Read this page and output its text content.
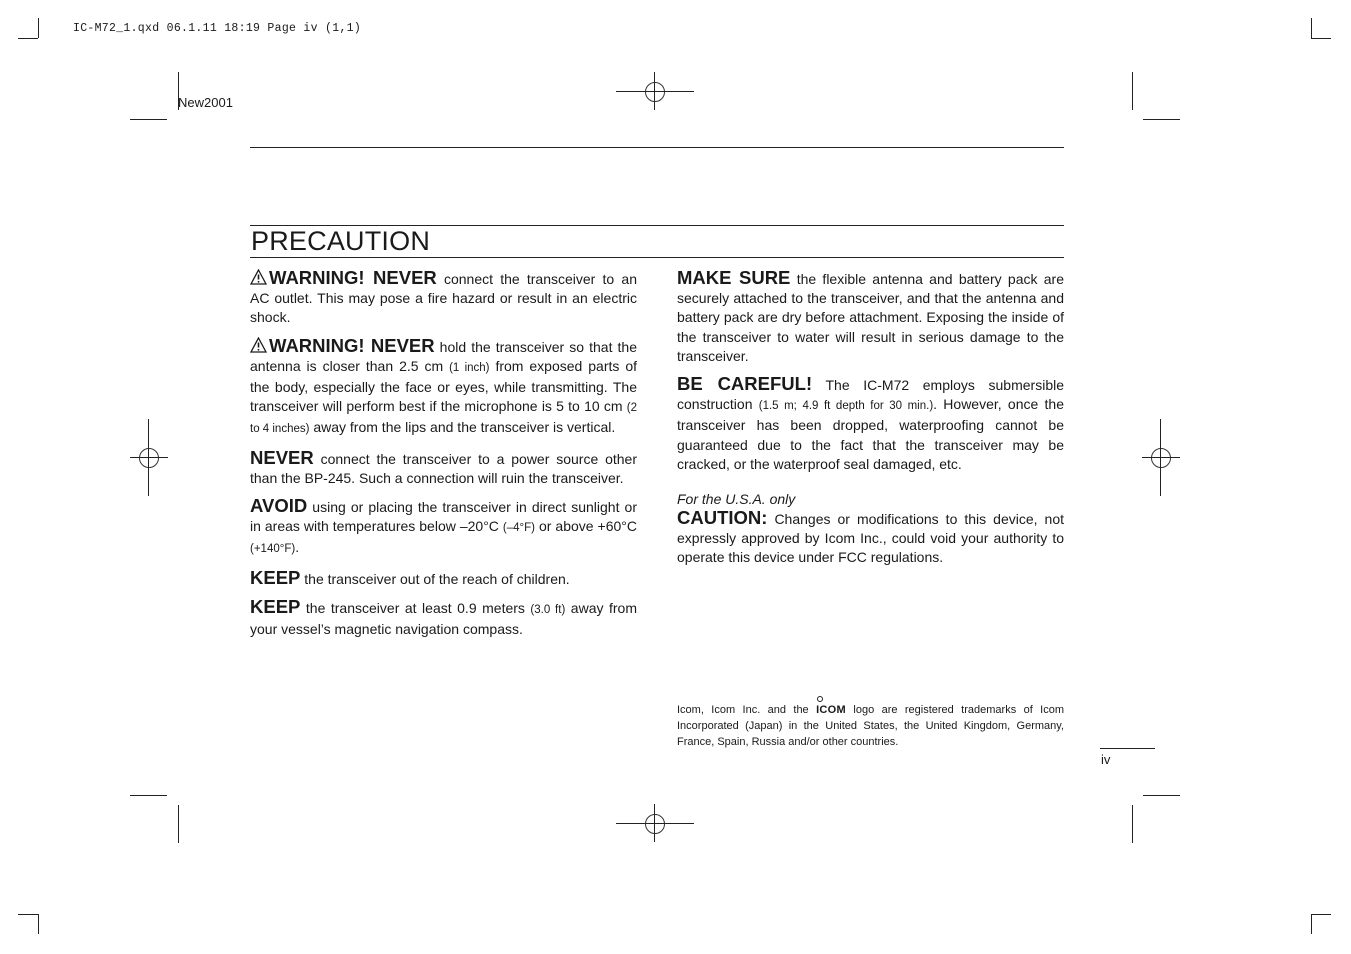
IC-M72_1.qxd 06.1.11 18:19 Page iv (1,1)
New2001
PRECAUTION

WARNING! NEVER connect the transceiver to an AC outlet. This may pose a fire hazard or result in an electric shock.

WARNING! NEVER hold the transceiver so that the antenna is closer than 2.5 cm (1 inch) from exposed parts of the body, especially the face or eyes, while transmitting. The transceiver will perform best if the microphone is 5 to 10 cm (2 to 4 inches) away from the lips and the transceiver is vertical.

NEVER connect the transceiver to a power source other than the BP-245. Such a connection will ruin the transceiver.

AVOID using or placing the transceiver in direct sunlight or in areas with temperatures below –20°C (–4°F) or above +60°C (+140°F).

KEEP the transceiver out of the reach of children.

KEEP the transceiver at least 0.9 meters (3.0 ft) away from your vessel’s magnetic navigation compass.

MAKE SURE the flexible antenna and battery pack are securely attached to the transceiver, and that the antenna and battery pack are dry before attachment. Exposing the inside of the transceiver to water will result in serious damage to the transceiver.

BE CAREFUL! The IC-M72 employs submersible construction (1.5 m; 4.9 ft depth for 30 min.). However, once the transceiver has been dropped, waterproofing cannot be guaranteed due to the fact that the transceiver may be cracked, or the waterproof seal damaged, etc.

For the U.S.A. only

CAUTION: Changes or modifications to this device, not expressly approved by Icom Inc., could void your authority to operate this device under FCC regulations.

Icom, Icom Inc. and the
ICOM logo are registered trademarks of Icom Incorporated (Japan) in the United States, the United Kingdom, Germany, France, Spain, Russia and/or other countries.
iv
